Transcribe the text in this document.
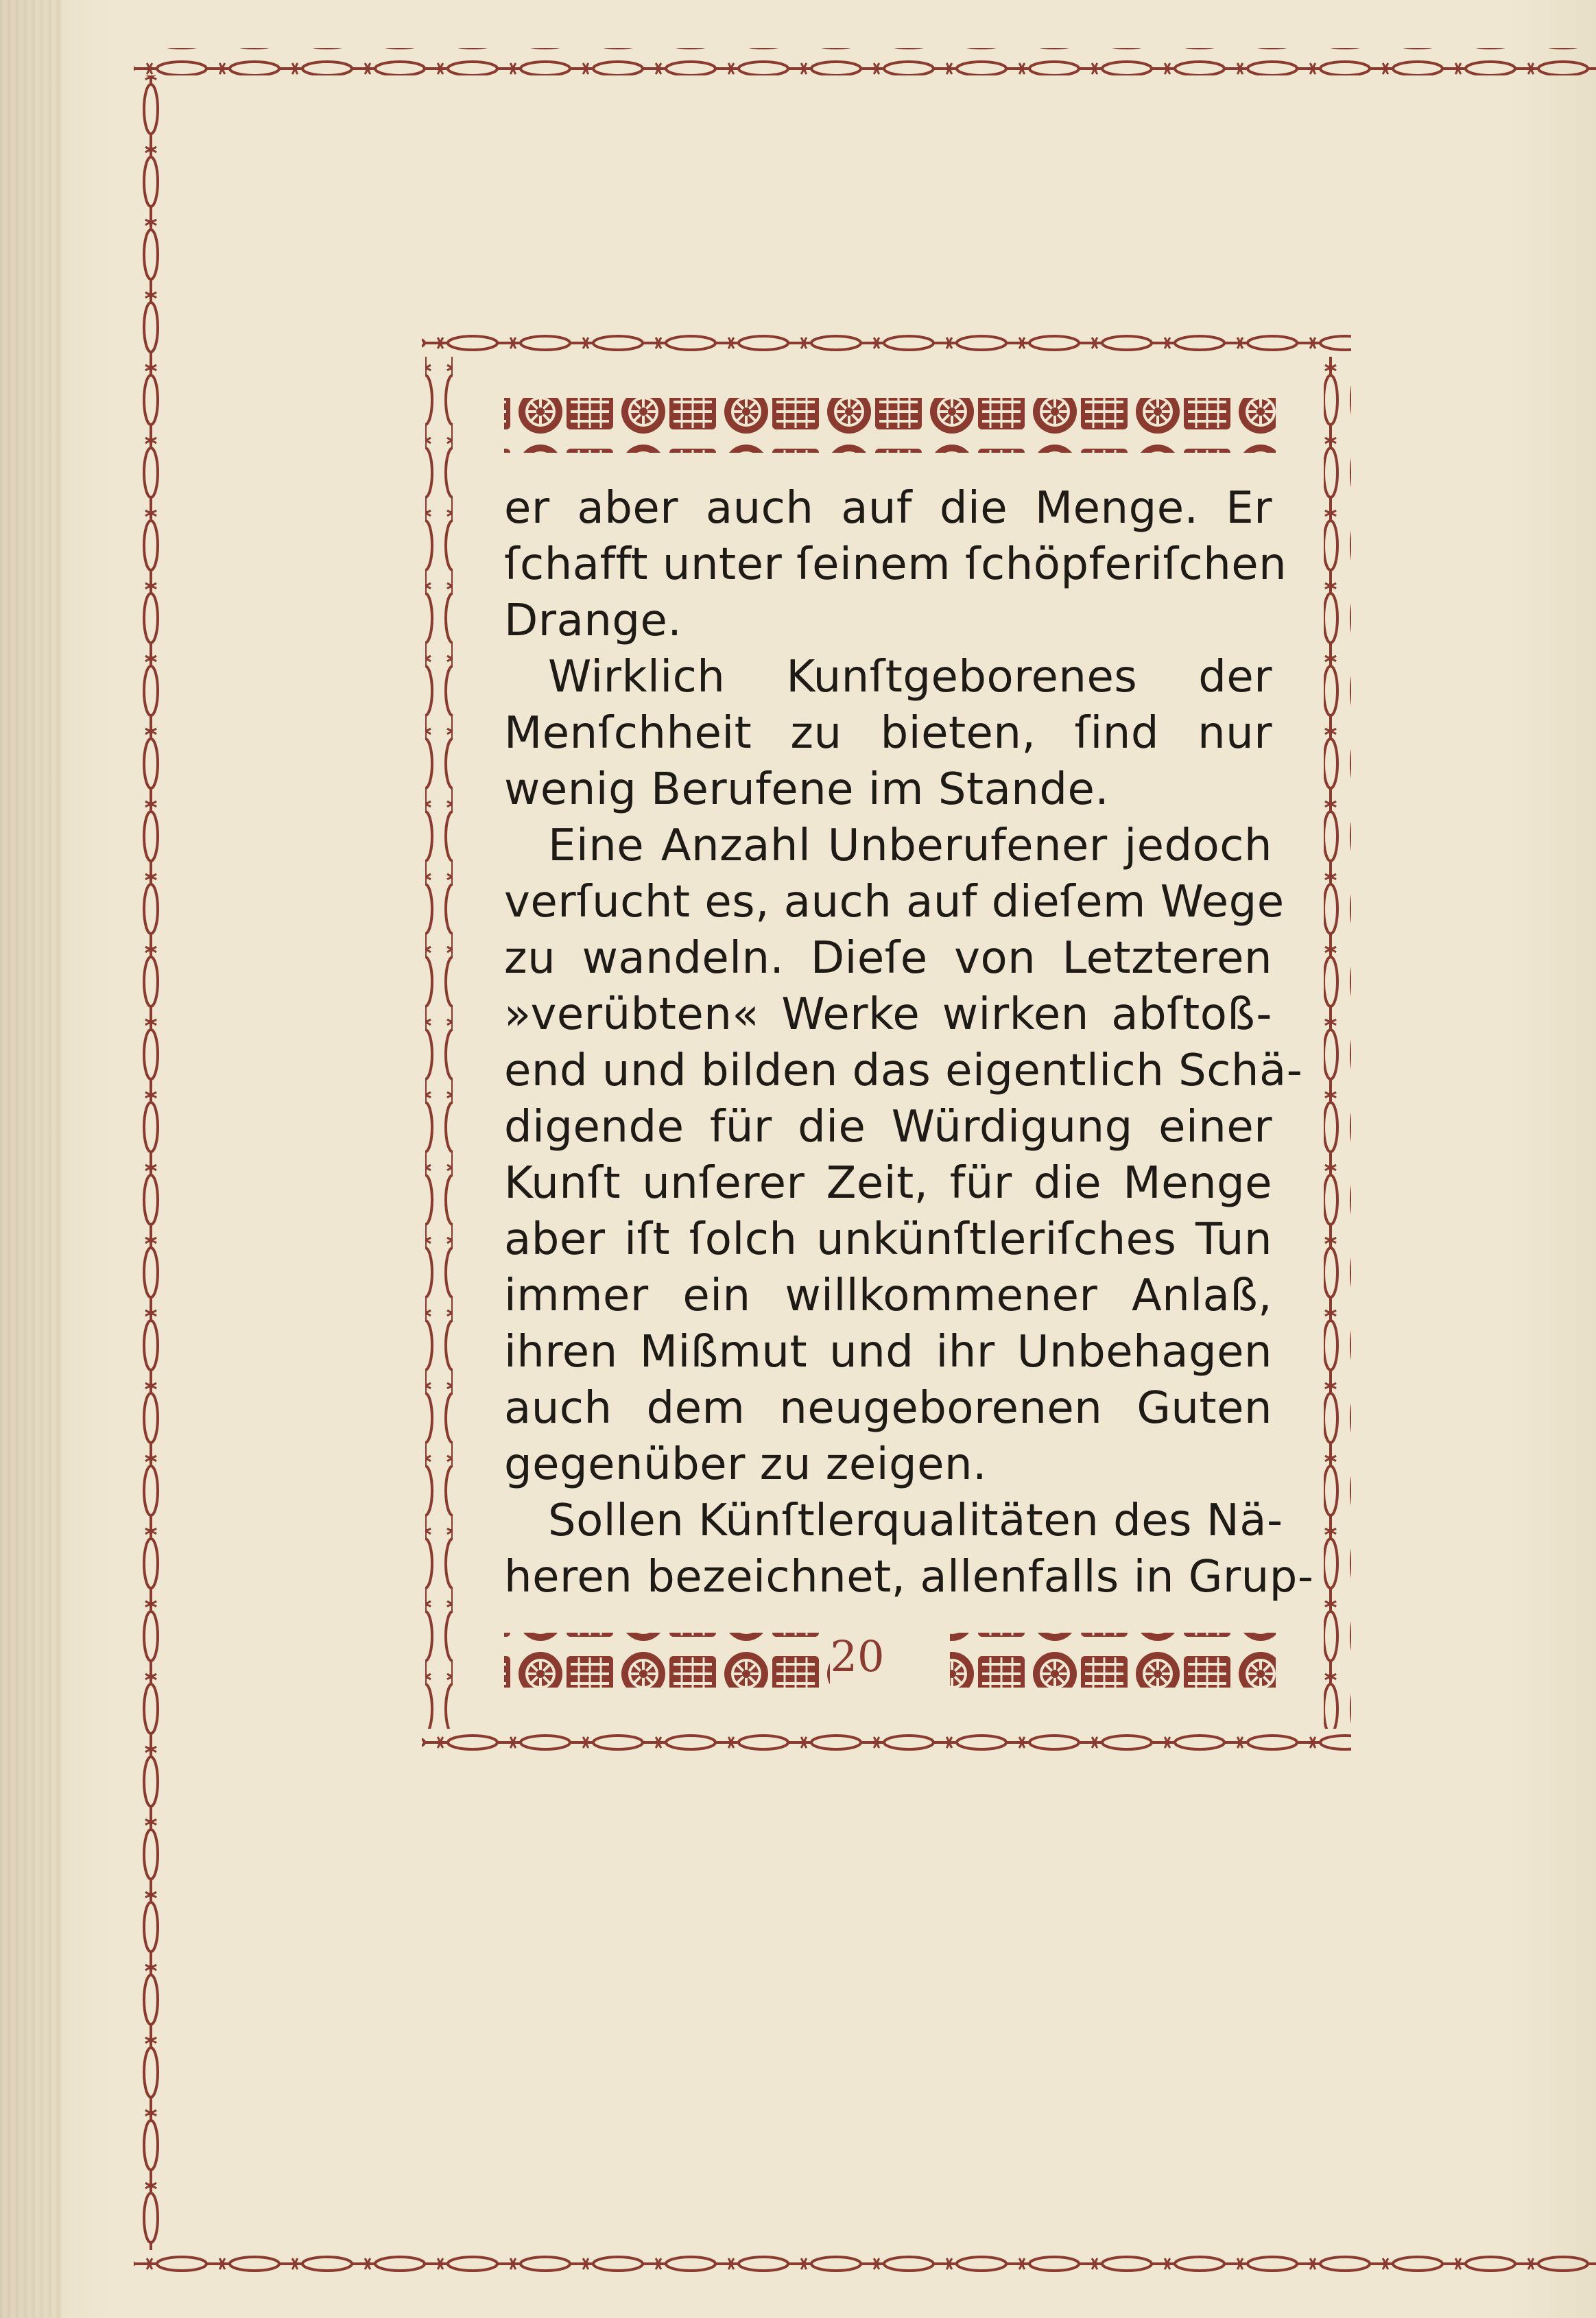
er aber auch auf die Menge. Er
ſchafft unter ſeinem ſchöpferiſchen
Drange.

Wirklich Kunſtgeborenes der
Menſchheit zu bieten, ſind nur
wenig Berufene im Stande.

Eine Anzahl Unberufener jedoch
verſucht es, auch auf dieſem Wege
zu wandeln. Dieſe von Letzteren
»verübten« Werke wirken abſtoß-
end und bilden das eigentlich Schä-
digende für die Würdigung einer
Kunſt unſerer Zeit, für die Menge
aber iſt ſolch unkünſtleriſches Tun
immer ein willkommener Anlaß,
ihren Mißmut und ihr Unbehagen
auch dem neugeborenen Guten
gegenüber zu zeigen.

Sollen Künſtlerqualitäten des Nä-
heren bezeichnet, allenfalls in Grup-

20
